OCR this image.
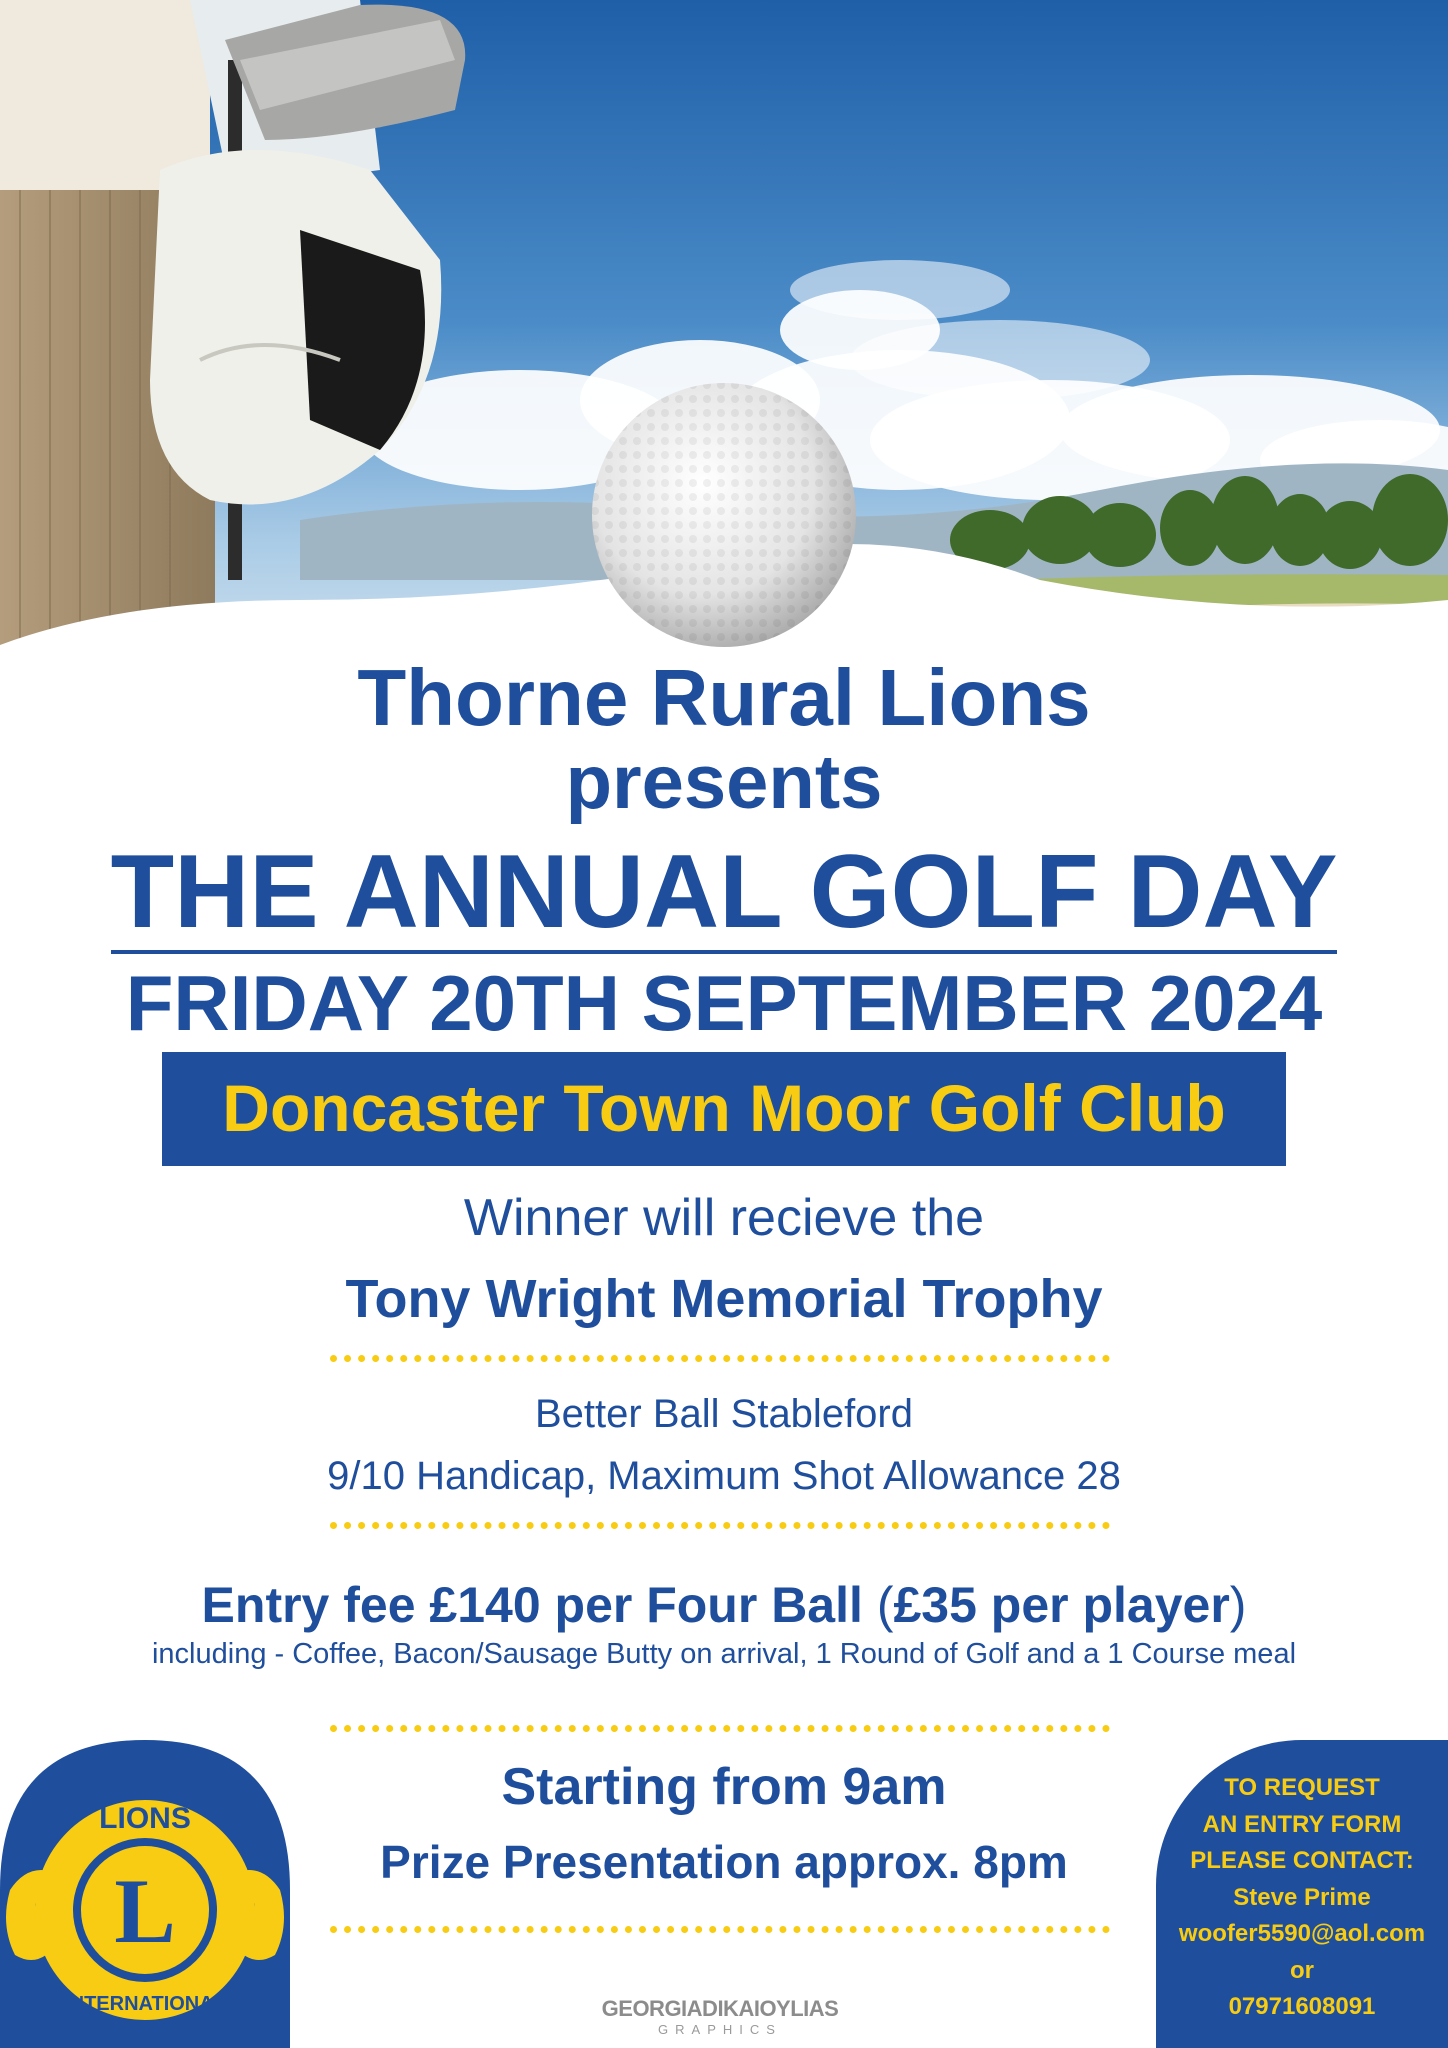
Thorne Rural Lions
presents
THE ANNUAL GOLF DAY
FRIDAY 20TH SEPTEMBER 2024
Doncaster Town Moor Golf Club
Winner will recieve the
Tony Wright Memorial Trophy
Better Ball Stableford
9/10 Handicap, Maximum Shot Allowance 28
Entry fee £140 per Four Ball (£35 per player)
including - Coffee, Bacon/Sausage Butty on arrival, 1 Round of Golf and a 1 Course meal
Starting from 9am
Prize Presentation approx. 8pm
LIONS
L
INTERNATIONAL
TO REQUEST
AN ENTRY FORM
PLEASE CONTACT:
Steve Prime
woofer5590@aol.com
or
07971608091
GEORGIADIKAIOYLIAS
GRAPHICS
